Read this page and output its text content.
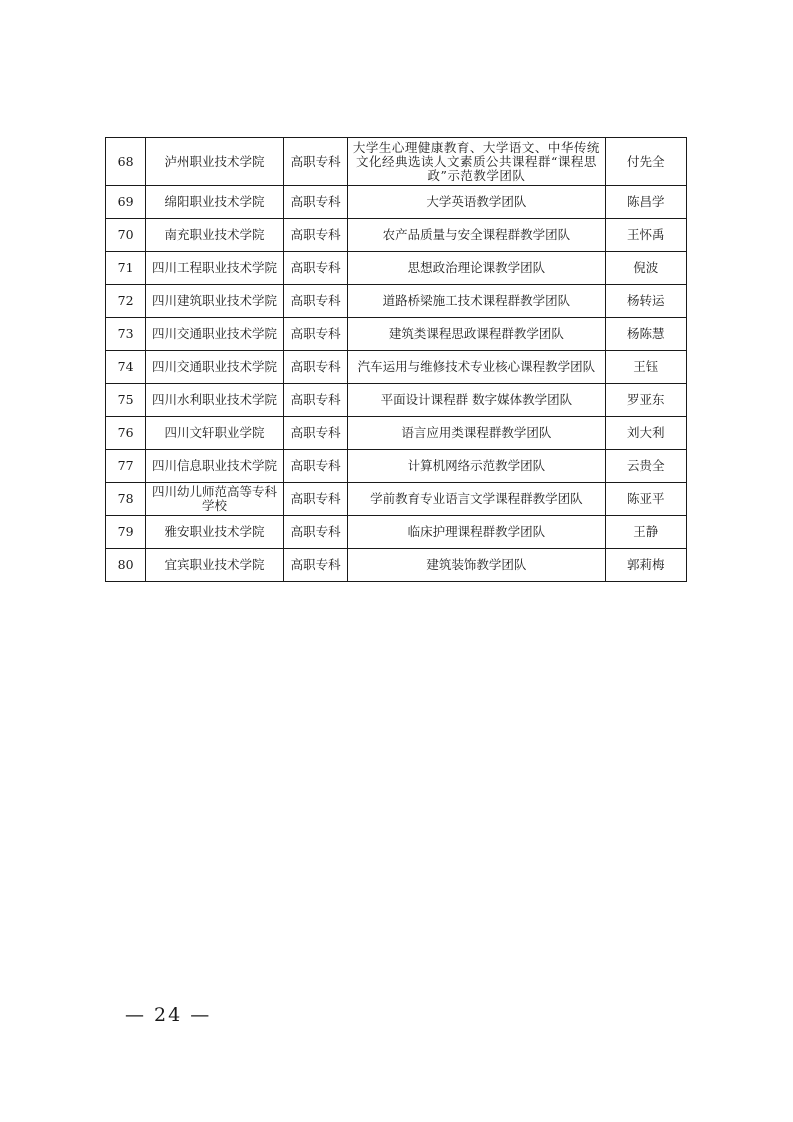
68	泸州职业技术学院	高职专科	大学生心理健康教育、大学语文、中华传统文化经典选读人文素质公共课程群“课程思政”示范教学团队	付先全
69	绵阳职业技术学院	高职专科	大学英语教学团队	陈昌学
70	南充职业技术学院	高职专科	农产品质量与安全课程群教学团队	王怀禹
71	四川工程职业技术学院	高职专科	思想政治理论课教学团队	倪波
72	四川建筑职业技术学院	高职专科	道路桥梁施工技术课程群教学团队	杨转运
73	四川交通职业技术学院	高职专科	建筑类课程思政课程群教学团队	杨陈慧
74	四川交通职业技术学院	高职专科	汽车运用与维修技术专业核心课程教学团队	王钰
75	四川水利职业技术学院	高职专科	平面设计课程群 数字媒体教学团队	罗亚东
76	四川文轩职业学院	高职专科	语言应用类课程群教学团队	刘大利
77	四川信息职业技术学院	高职专科	计算机网络示范教学团队	云贵全
78	四川幼儿师范高等专科学校	高职专科	学前教育专业语言文学课程群教学团队	陈亚平
79	雅安职业技术学院	高职专科	临床护理课程群教学团队	王静
80	宜宾职业技术学院	高职专科	建筑装饰教学团队	郭莉梅
— 24 —
